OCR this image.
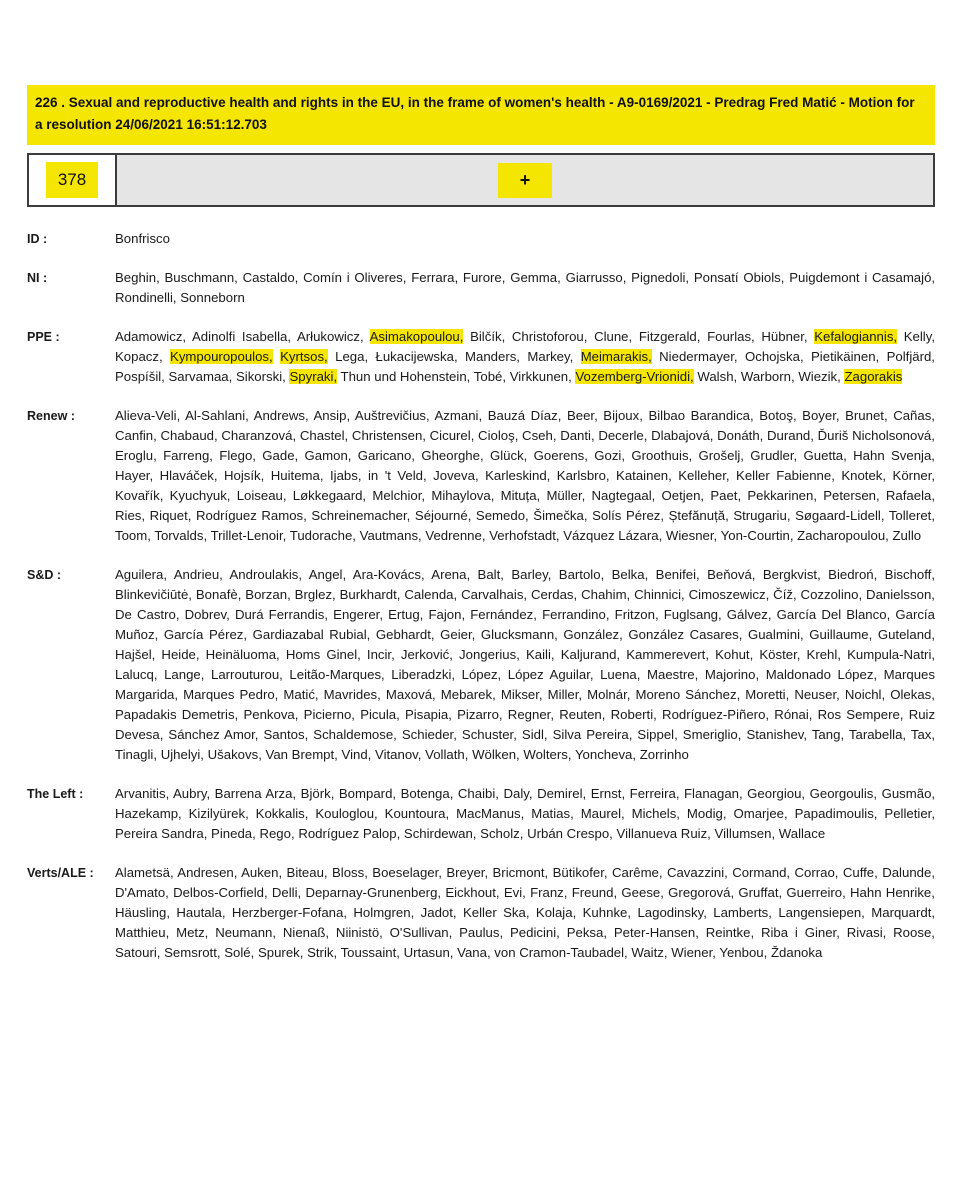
226 . Sexual and reproductive health and rights in the EU, in the frame of women's health - A9-0169/2021 - Predrag Fred Matić - Motion for a resolution 24/06/2021 16:51:12.703
378	+
ID :	Bonfrisco
NI :	Beghin, Buschmann, Castaldo, Comín i Oliveres, Ferrara, Furore, Gemma, Giarrusso, Pignedoli, Ponsatí Obiols, Puigdemont i Casamajó, Rondinelli, Sonneborn
PPE :	Adamowicz, Adinolfi Isabella, Arłukowicz, Asimakopoulou, Bilčík, Christoforou, Clune, Fitzgerald, Fourlas, Hübner, Kefalogiannis, Kelly, Kopacz, Kympouropoulos, Kyrtsos, Lega, Łukacijewska, Manders, Markey, Meimarakis, Niedermayer, Ochojska, Pietikäinen, Polfjärd, Pospíšil, Sarvamaa, Sikorski, Spyraki, Thun und Hohenstein, Tobé, Virkkunen, Vozemberg-Vrionidi, Walsh, Warborn, Wiezik, Zagorakis
Renew :	Alieva-Veli, Al-Sahlani, Andrews, Ansip, Auštrevičius, Azmani, Bauzá Díaz, Beer, Bijoux, Bilbao Barandica, Botoş, Boyer, Brunet, Cañas, Canfin, Chabaud, Charanzová, Chastel, Christensen, Cicurel, Cioloş, Cseh, Danti, Decerle, Dlabajová, Donáth, Durand, Ďuriš Nicholsonová, Eroglu, Farreng, Flego, Gade, Gamon, Garicano, Gheorghe, Glück, Goerens, Gozi, Groothuis, Grošelj, Grudler, Guetta, Hahn Svenja, Hayer, Hlaváček, Hojsík, Huitema, Ijabs, in 't Veld, Joveva, Karleskind, Karlsbro, Katainen, Kelleher, Keller Fabienne, Knotek, Körner, Kovařík, Kyuchyuk, Loiseau, Løkkegaard, Melchior, Mihaylova, Mituța, Müller, Nagtegaal, Oetjen, Paet, Pekkarinen, Petersen, Rafaela, Ries, Riquet, Rodríguez Ramos, Schreinemacher, Séjourné, Semedo, Šimečka, Solís Pérez, Ștefănuță, Strugariu, Søgaard-Lidell, Tolleret, Toom, Torvalds, Trillet-Lenoir, Tudorache, Vautmans, Vedrenne, Verhofstadt, Vázquez Lázara, Wiesner, Yon-Courtin, Zacharopoulou, Zullo
S&D :	Aguilera, Andrieu, Androulakis, Angel, Ara-Kovács, Arena, Balt, Barley, Bartolo, Belka, Benifei, Beňová, Bergkvist, Biedroń, Bischoff, Blinkevičiūtė, Bonafè, Borzan, Brglez, Burkhardt, Calenda, Carvalhais, Cerdas, Chahim, Chinnici, Cimoszewicz, Číž, Cozzolino, Danielsson, De Castro, Dobrev, Durá Ferrandis, Engerer, Ertug, Fajon, Fernández, Ferrandino, Fritzon, Fuglsang, Gálvez, García Del Blanco, García Muñoz, García Pérez, Gardiazabal Rubial, Gebhardt, Geier, Glucksmann, González, González Casares, Gualmini, Guillaume, Guteland, Hajšel, Heide, Heinäluoma, Homs Ginel, Incir, Jerković, Jongerius, Kaili, Kaljurand, Kammerevert, Kohut, Köster, Krehl, Kumpula-Natri, Lalucq, Lange, Larrouturou, Leitão-Marques, Liberadzki, López, López Aguilar, Luena, Maestre, Majorino, Maldonado López, Marques Margarida, Marques Pedro, Matić, Mavrides, Maxová, Mebarek, Mikser, Miller, Molnár, Moreno Sánchez, Moretti, Neuser, Noichl, Olekas, Papadakis Demetris, Penkova, Picierno, Picula, Pisapia, Pizarro, Regner, Reuten, Roberti, Rodríguez-Piñero, Rónai, Ros Sempere, Ruiz Devesa, Sánchez Amor, Santos, Schaldemose, Schieder, Schuster, Sidl, Silva Pereira, Sippel, Smeriglio, Stanishev, Tang, Tarabella, Tax, Tinagli, Ujhelyi, Ušakovs, Van Brempt, Vind, Vitanov, Vollath, Wölken, Wolters, Yoncheva, Zorrinho
The Left :	Arvanitis, Aubry, Barrena Arza, Björk, Bompard, Botenga, Chaibi, Daly, Demirel, Ernst, Ferreira, Flanagan, Georgiou, Georgoulis, Gusmão, Hazekamp, Kizilyürek, Kokkalis, Kouloglou, Kountoura, MacManus, Matias, Maurel, Michels, Modig, Omarjee, Papadimoulis, Pelletier, Pereira Sandra, Pineda, Rego, Rodríguez Palop, Schirdewan, Scholz, Urbán Crespo, Villanueva Ruiz, Villumsen, Wallace
Verts/ALE :	Alametsä, Andresen, Auken, Biteau, Bloss, Boeselager, Breyer, Bricmont, Bütikofer, Carême, Cavazzini, Cormand, Corrao, Cuffe, Dalunde, D'Amato, Delbos-Corfield, Delli, Deparnay-Grunenberg, Eickhout, Evi, Franz, Freund, Geese, Gregorová, Gruffat, Guerreiro, Hahn Henrike, Häusling, Hautala, Herzberger-Fofana, Holmgren, Jadot, Keller Ska, Kolaja, Kuhnke, Lagodinsky, Lamberts, Langensiepen, Marquardt, Matthieu, Metz, Neumann, Nienaß, Niinistö, O'Sullivan, Paulus, Pedicini, Peksa, Peter-Hansen, Reintke, Riba i Giner, Rivasi, Roose, Satouri, Semsrott, Solé, Spurek, Strik, Toussaint, Urtasun, Vana, von Cramon-Taubadel, Waitz, Wiener, Yenbou, Ždanoka
